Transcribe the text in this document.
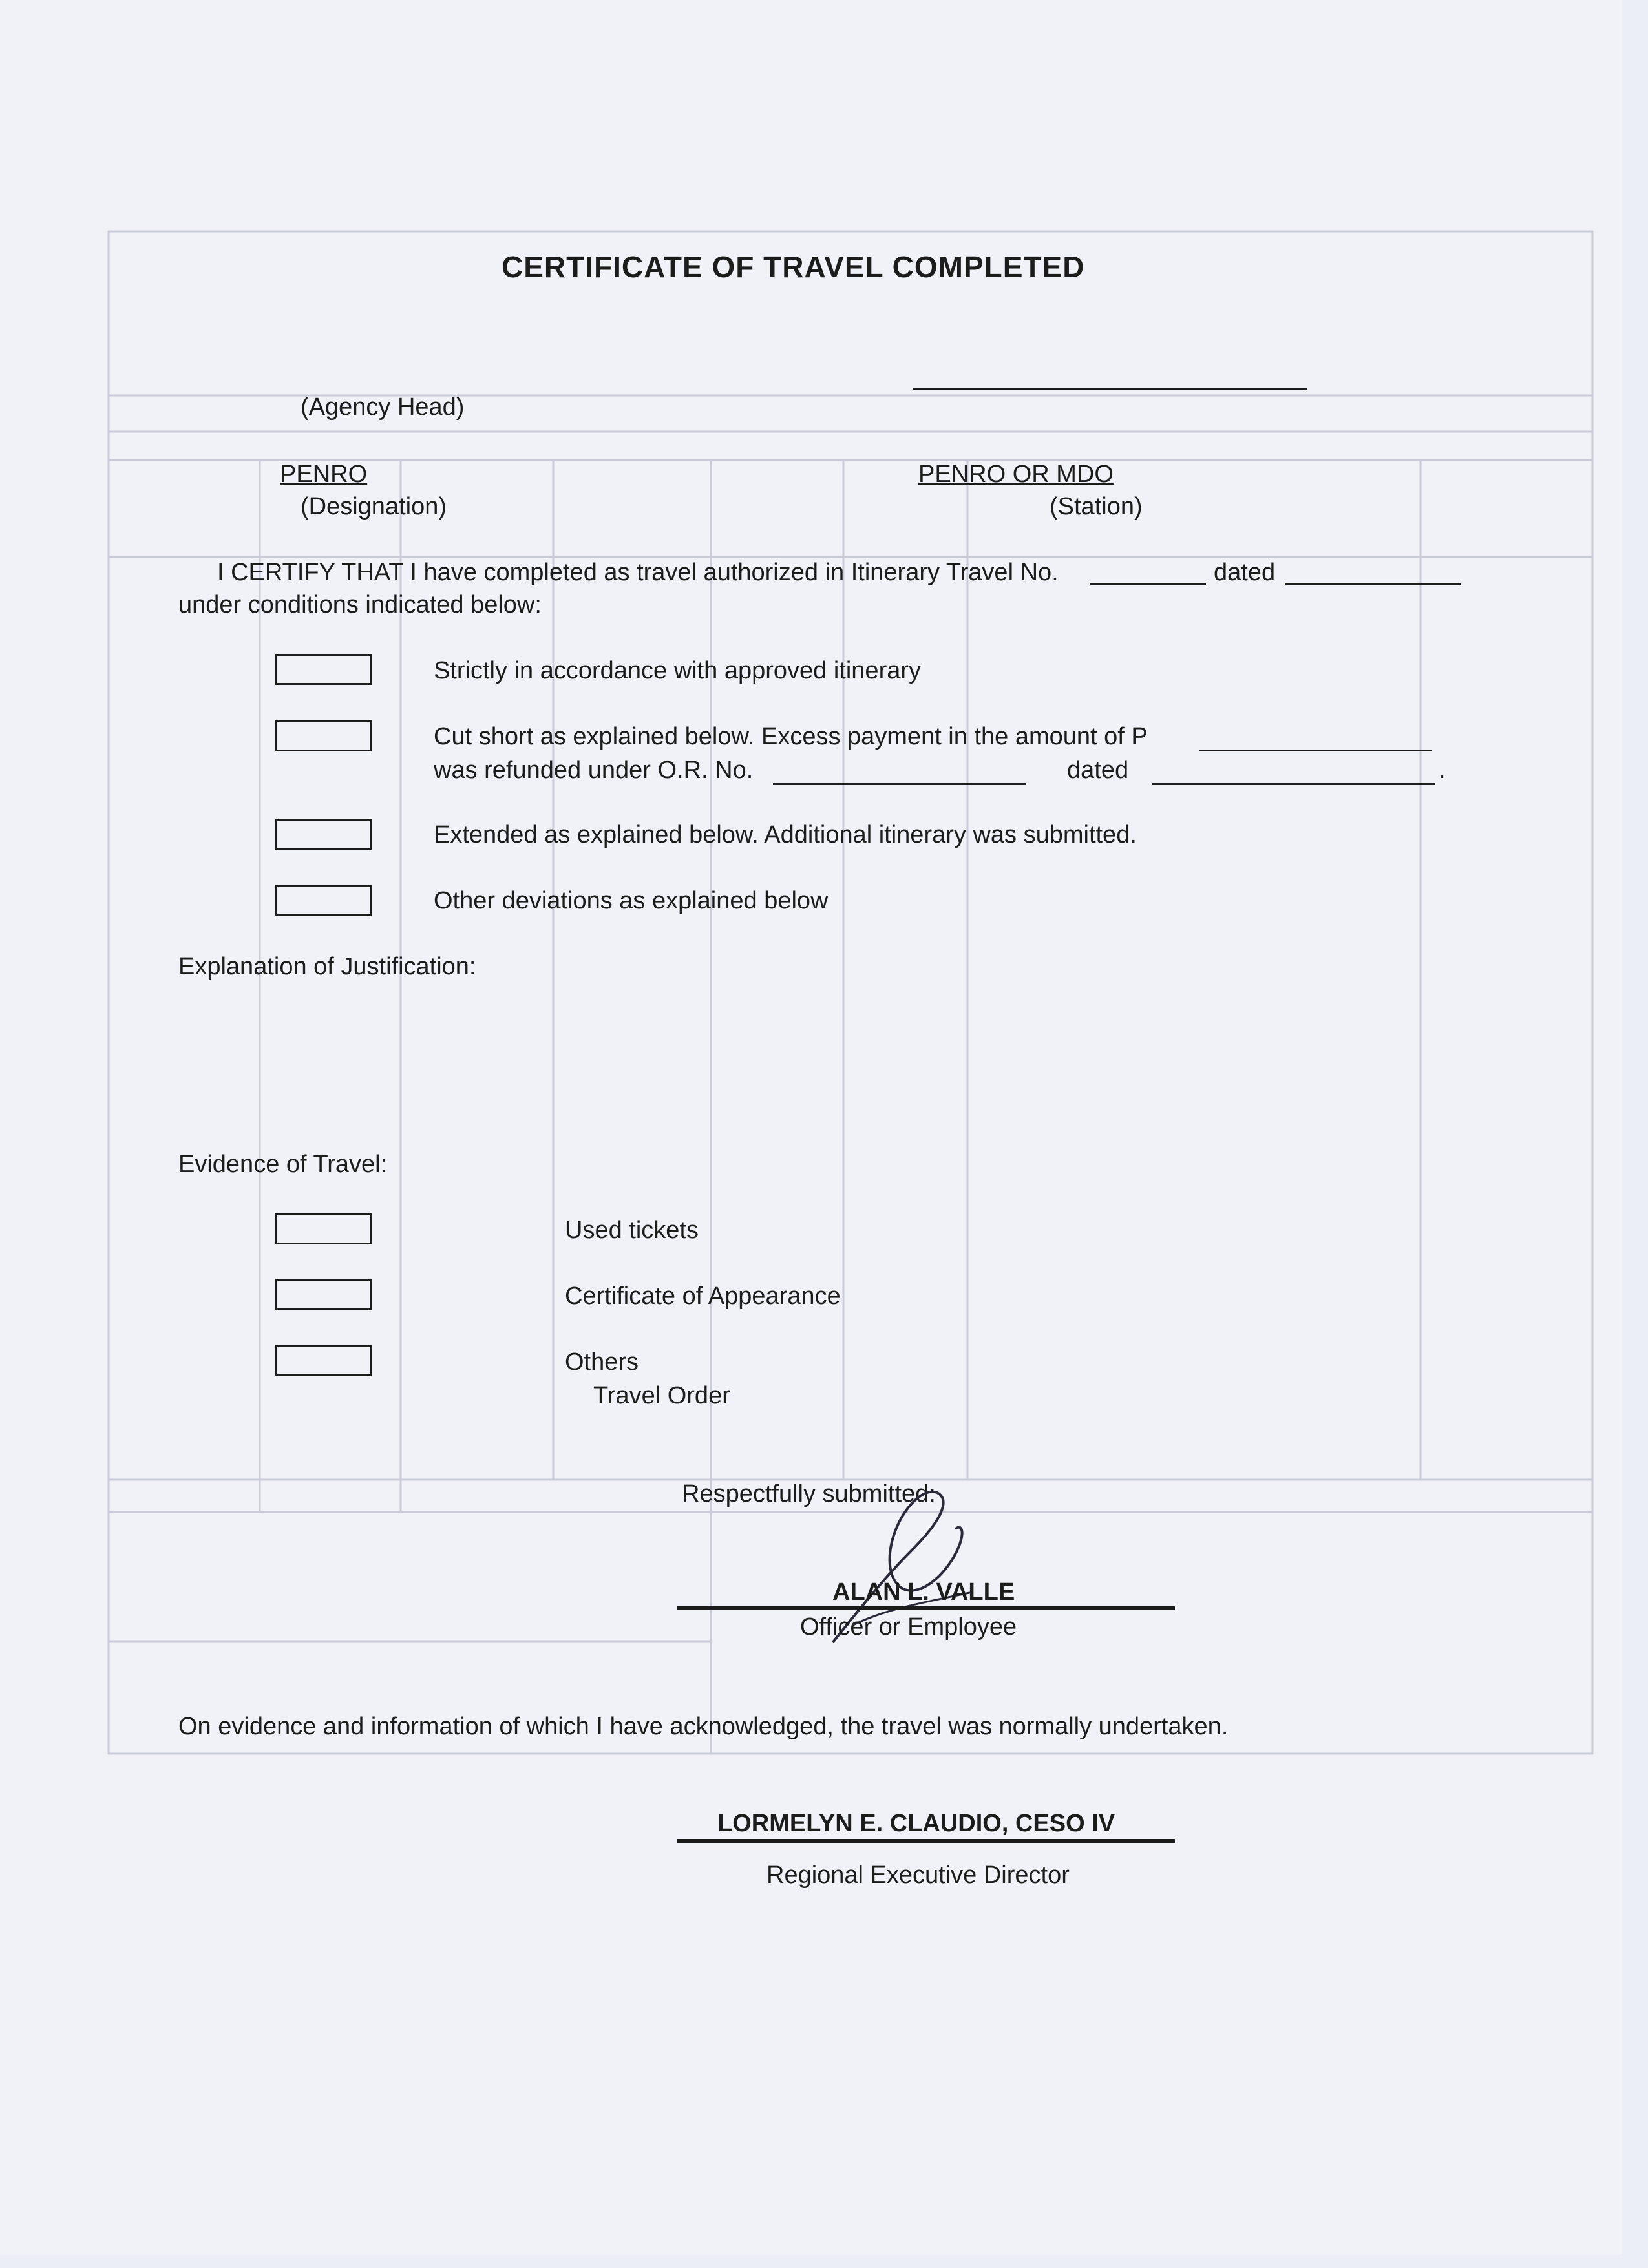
CERTIFICATE OF TRAVEL COMPLETED
(Agency Head)
PENRO
(Designation)
PENRO OR MDO
(Station)
I CERTIFY THAT I have completed as travel authorized in Itinerary Travel No.	dated
under conditions indicated below:
Strictly in accordance with approved itinerary
Cut short as explained below. Excess payment in the amount of P
was refunded under O.R. No.	dated	.
Extended as explained below. Additional itinerary was submitted.
Other deviations as explained below
Explanation of Justification:
Evidence of Travel:
Used tickets
Certificate of Appearance
Others
Travel Order
Respectfully submitted:
ALAN L. VALLE
Officer or Employee
On evidence and information of which I have acknowledged, the travel was normally undertaken.
LORMELYN E. CLAUDIO, CESO IV
Regional Executive Director
